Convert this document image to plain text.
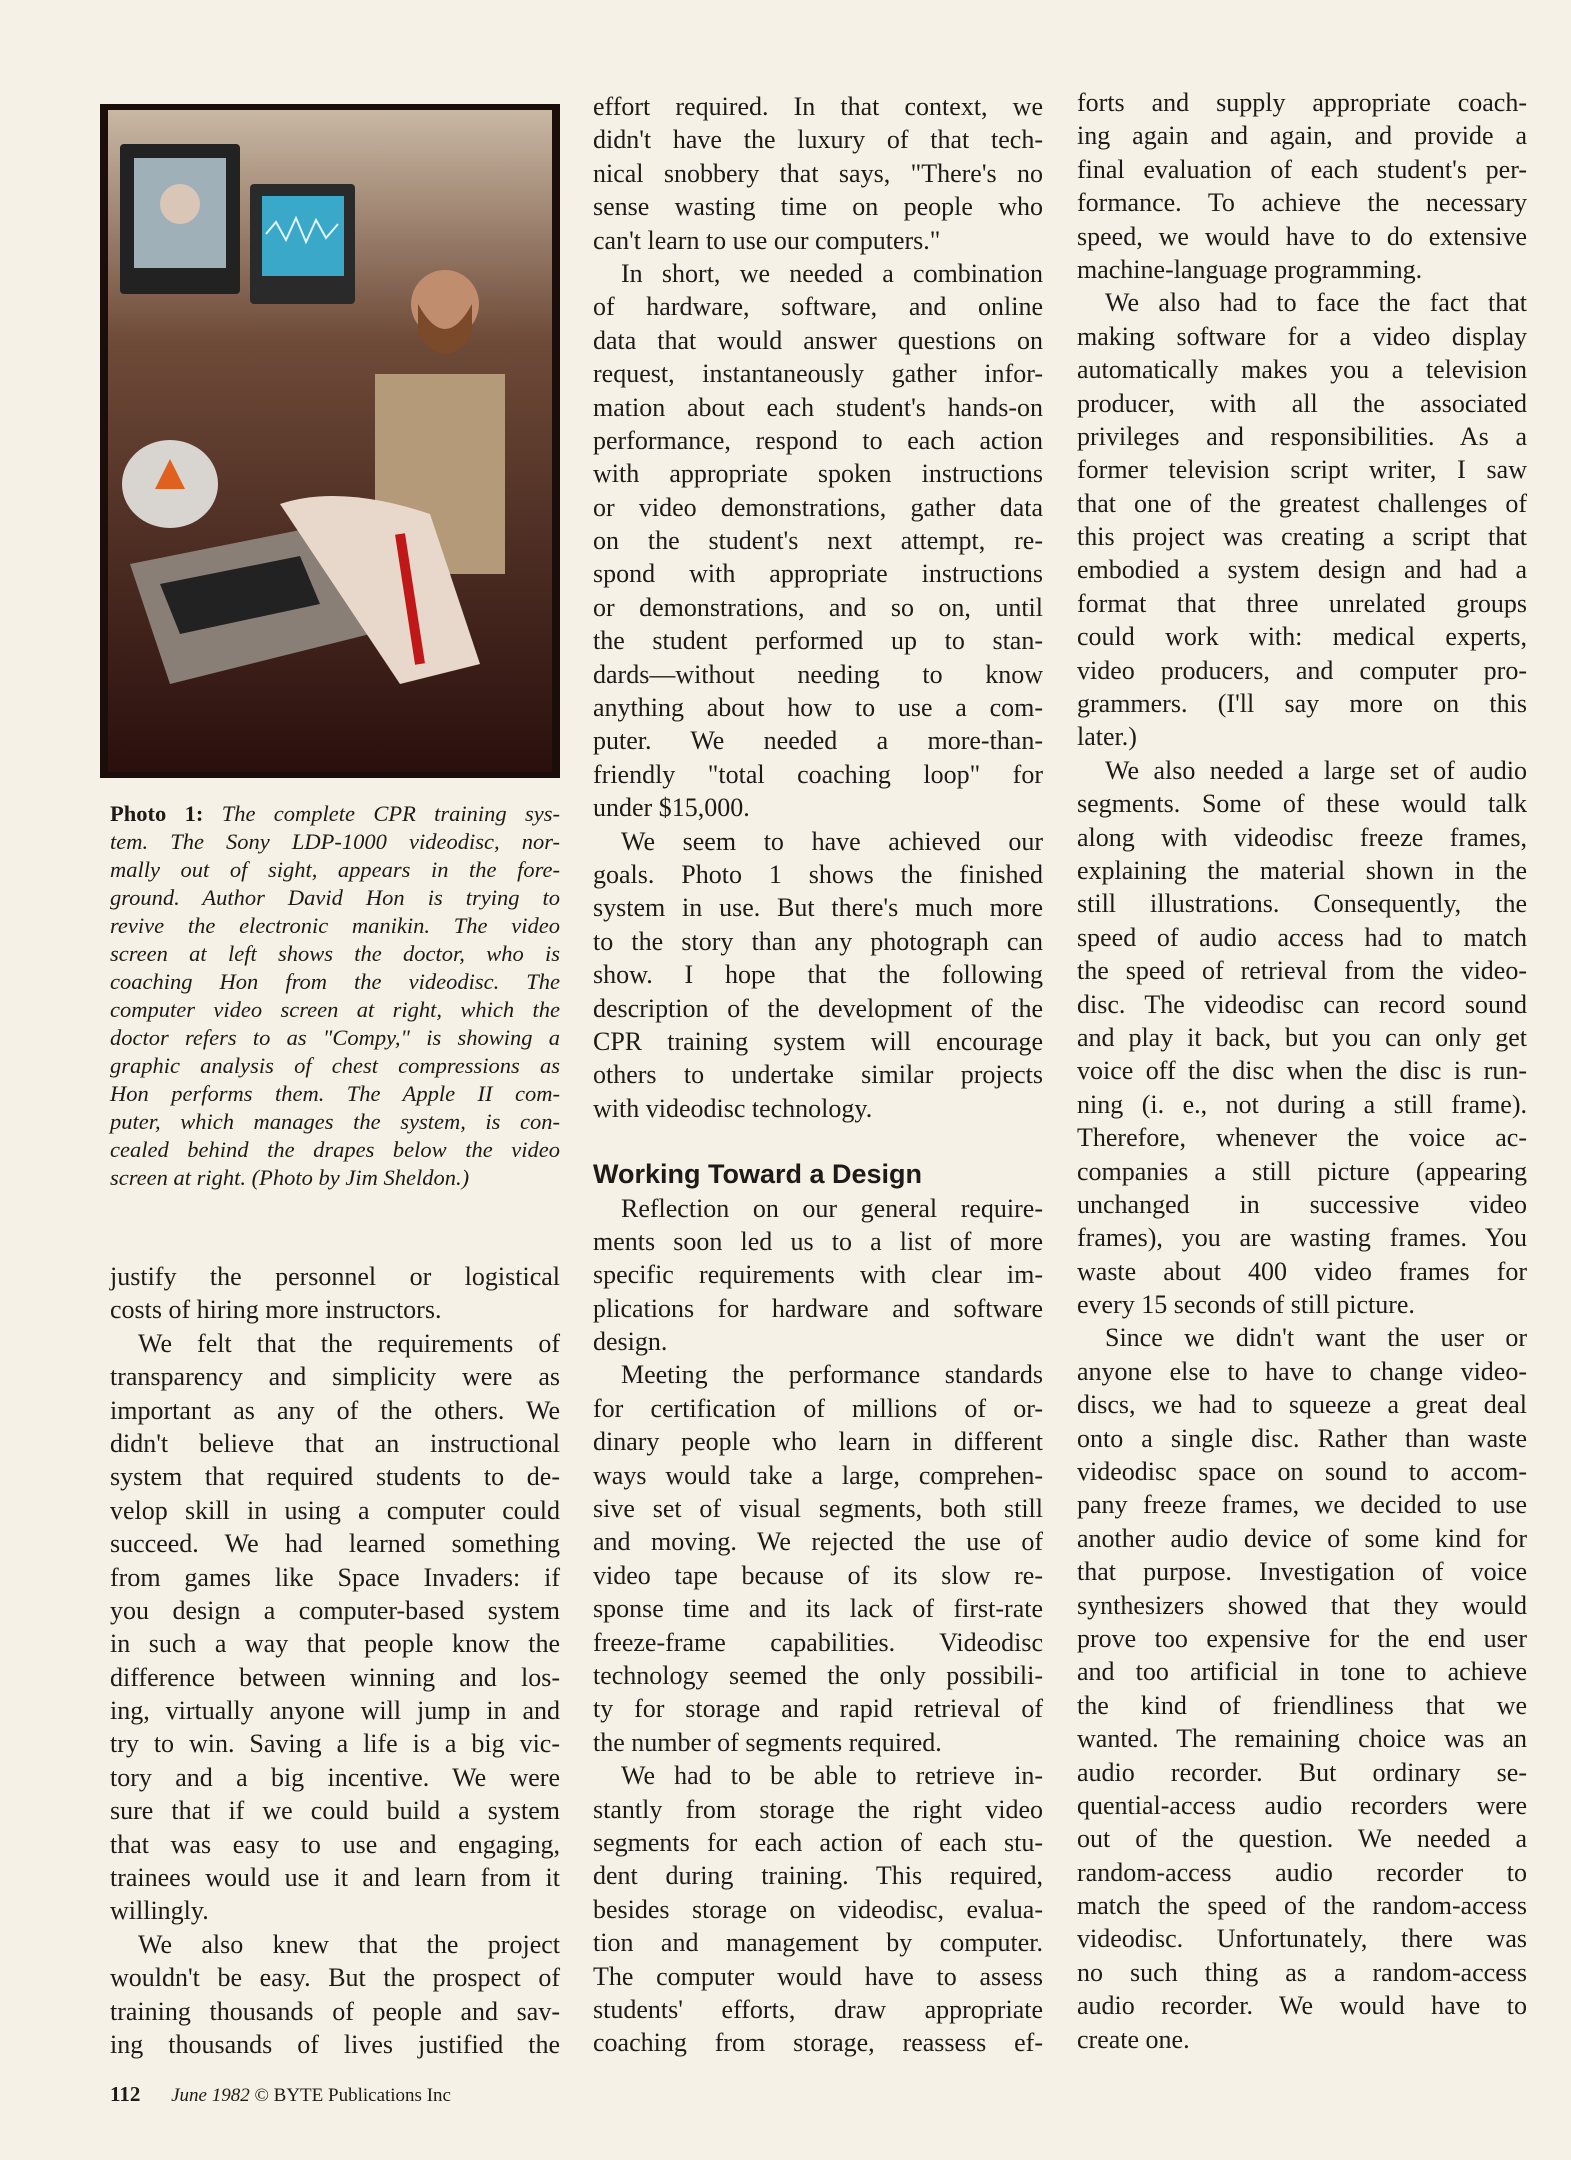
Photo 1: The complete CPR training sys-
tem. The Sony LDP-1000 videodisc, nor-
mally out of sight, appears in the fore-
ground. Author David Hon is trying to
revive the electronic manikin. The video
screen at left shows the doctor, who is
coaching Hon from the videodisc. The
computer video screen at right, which the
doctor refers to as "Compy," is showing a
graphic analysis of chest compressions as
Hon performs them. The Apple II com-
puter, which manages the system, is con-
cealed behind the drapes below the video
screen at right. (Photo by Jim Sheldon.)
justify the personnel or logistical
costs of hiring more instructors.
We felt that the requirements of
transparency and simplicity were as
important as any of the others. We
didn't believe that an instructional
system that required students to de-
velop skill in using a computer could
succeed. We had learned something
from games like Space Invaders: if
you design a computer-based system
in such a way that people know the
difference between winning and los-
ing, virtually anyone will jump in and
try to win. Saving a life is a big vic-
tory and a big incentive. We were
sure that if we could build a system
that was easy to use and engaging,
trainees would use it and learn from it
willingly.
We also knew that the project
wouldn't be easy. But the prospect of
training thousands of people and sav-
ing thousands of lives justified the
effort required. In that context, we
didn't have the luxury of that tech-
nical snobbery that says, "There's no
sense wasting time on people who
can't learn to use our computers."
In short, we needed a combination
of hardware, software, and online
data that would answer questions on
request, instantaneously gather infor-
mation about each student's hands-on
performance, respond to each action
with appropriate spoken instructions
or video demonstrations, gather data
on the student's next attempt, re-
spond with appropriate instructions
or demonstrations, and so on, until
the student performed up to stan-
dards—without needing to know
anything about how to use a com-
puter. We needed a more-than-
friendly "total coaching loop" for
under $15,000.
We seem to have achieved our
goals. Photo 1 shows the finished
system in use. But there's much more
to the story than any photograph can
show. I hope that the following
description of the development of the
CPR training system will encourage
others to undertake similar projects
with videodisc technology.
Working Toward a Design
Reflection on our general require-
ments soon led us to a list of more
specific requirements with clear im-
plications for hardware and software
design.
Meeting the performance standards
for certification of millions of or-
dinary people who learn in different
ways would take a large, comprehen-
sive set of visual segments, both still
and moving. We rejected the use of
video tape because of its slow re-
sponse time and its lack of first-rate
freeze-frame capabilities. Videodisc
technology seemed the only possibili-
ty for storage and rapid retrieval of
the number of segments required.
We had to be able to retrieve in-
stantly from storage the right video
segments for each action of each stu-
dent during training. This required,
besides storage on videodisc, evalua-
tion and management by computer.
The computer would have to assess
students' efforts, draw appropriate
coaching from storage, reassess ef-
forts and supply appropriate coach-
ing again and again, and provide a
final evaluation of each student's per-
formance. To achieve the necessary
speed, we would have to do extensive
machine-language programming.
We also had to face the fact that
making software for a video display
automatically makes you a television
producer, with all the associated
privileges and responsibilities. As a
former television script writer, I saw
that one of the greatest challenges of
this project was creating a script that
embodied a system design and had a
format that three unrelated groups
could work with: medical experts,
video producers, and computer pro-
grammers. (I'll say more on this
later.)
We also needed a large set of audio
segments. Some of these would talk
along with videodisc freeze frames,
explaining the material shown in the
still illustrations. Consequently, the
speed of audio access had to match
the speed of retrieval from the video-
disc. The videodisc can record sound
and play it back, but you can only get
voice off the disc when the disc is run-
ning (i. e., not during a still frame).
Therefore, whenever the voice ac-
companies a still picture (appearing
unchanged in successive video
frames), you are wasting frames. You
waste about 400 video frames for
every 15 seconds of still picture.
Since we didn't want the user or
anyone else to have to change video-
discs, we had to squeeze a great deal
onto a single disc. Rather than waste
videodisc space on sound to accom-
pany freeze frames, we decided to use
another audio device of some kind for
that purpose. Investigation of voice
synthesizers showed that they would
prove too expensive for the end user
and too artificial in tone to achieve
the kind of friendliness that we
wanted. The remaining choice was an
audio recorder. But ordinary se-
quential-access audio recorders were
out of the question. We needed a
random-access audio recorder to
match the speed of the random-access
videodisc. Unfortunately, there was
no such thing as a random-access
audio recorder. We would have to
create one.
112 June 1982 © BYTE Publications Inc
